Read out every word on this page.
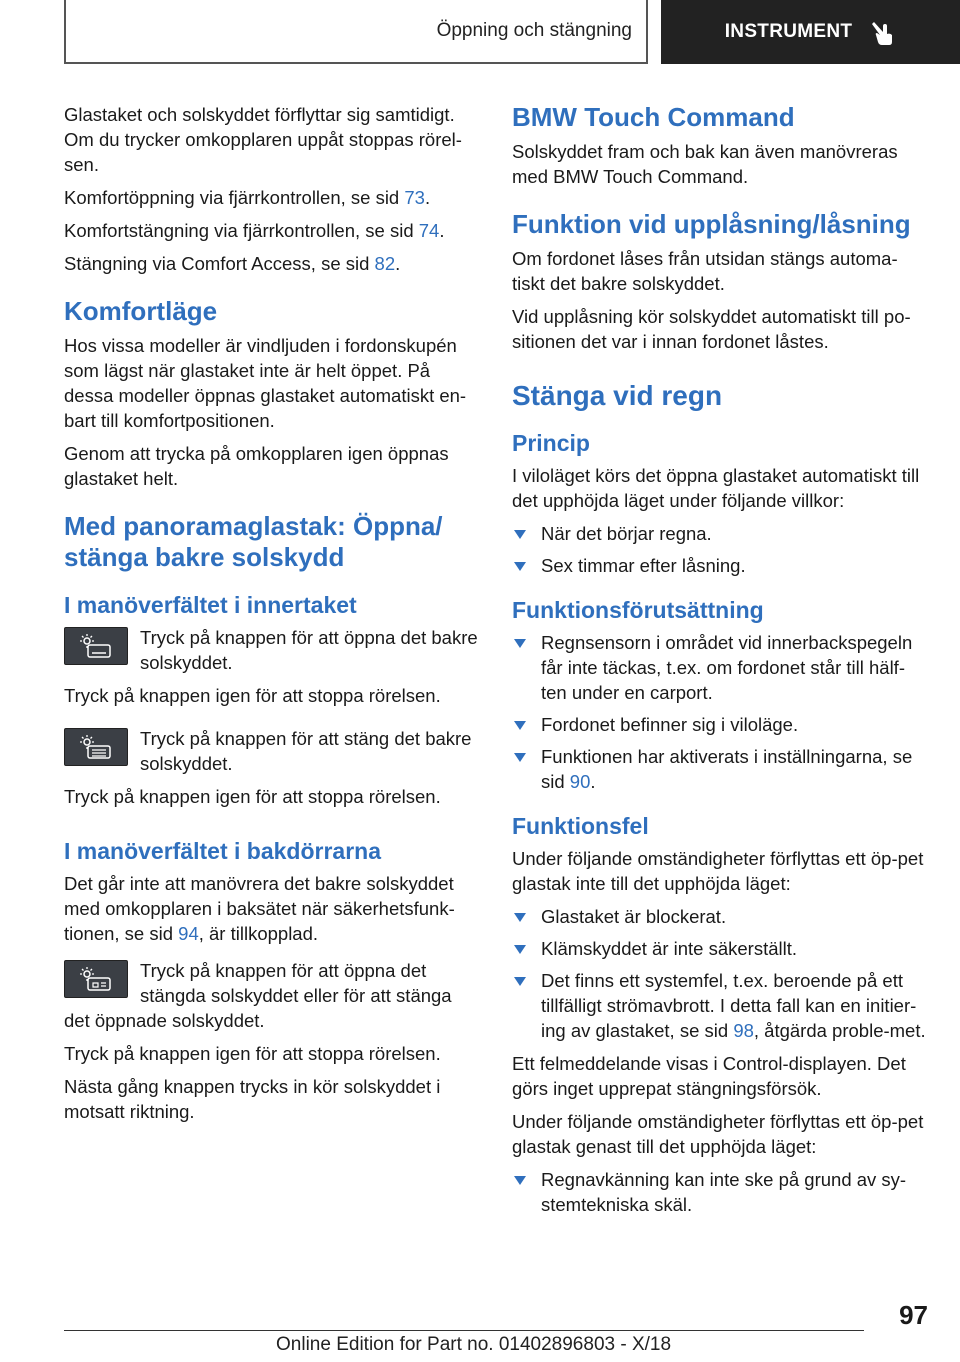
Öppning och stängning	INSTRUMENT

Glastaket och solskyddet förflyttar sig samtidigt. Om du trycker omkopplaren uppåt stoppas rörel-sen.

Komfortöppning via fjärrkontrollen, se sid 73.

Komfortstängning via fjärrkontrollen, se sid 74.

Stängning via Comfort Access, se sid 82.

Komfortläge

Hos vissa modeller är vindljuden i fordonskupén som lägst när glastaket inte är helt öppet. På dessa modeller öppnas glastaket automatiskt en-bart till komfortpositionen.

Genom att trycka på omkopplaren igen öppnas glastaket helt.

Med panoramaglastak: Öppna/ stänga bakre solskydd
I manöverfältet i innertaket

Tryck på knappen för att öppna det bakre solskyddet.

Tryck på knappen igen för att stoppa rörelsen.

Tryck på knappen för att stäng det bakre solskyddet.

Tryck på knappen igen för att stoppa rörelsen.

I manöverfältet i bakdörrarna

Det går inte att manövrera det bakre solskyddet med omkopplaren i baksätet när säkerhetsfunk-tionen, se sid 94, är tillkopplad.

Tryck på knappen för att öppna det stängda solskyddet eller för att stänga det öppnade solskyddet.

Tryck på knappen igen för att stoppa rörelsen.

Nästa gång knappen trycks in kör solskyddet i motsatt riktning.

BMW Touch Command

Solskyddet fram och bak kan även manövreras med BMW Touch Command.

Funktion vid upplåsning/låsning

Om fordonet låses från utsidan stängs automa-tiskt det bakre solskyddet.

Vid upplåsning kör solskyddet automatiskt till po-sitionen det var i innan fordonet låstes.

Stänga vid regn
Princip

I viloläget körs det öppna glastaket automatiskt till det upphöjda läget under följande villkor:

När det börjar regna.
Sex timmar efter låsning.
Funktionsförutsättning
Regnsensorn i området vid innerbackspegeln får inte täckas, t.ex. om fordonet står till hälf-ten under en carport.
Fordonet befinner sig i viloläge.
Funktionen har aktiverats i inställningarna, se sid 90.
Funktionsfel

Under följande omständigheter förflyttas ett öp-pet glastak inte till det upphöjda läget:

Glastaket är blockerat.
Klämskyddet är inte säkerställt.
Det finns ett systemfel, t.ex. beroende på ett tillfälligt strömavbrott. I detta fall kan en initier-ing av glastaket, se sid 98, åtgärda proble-met.

Ett felmeddelande visas i Control-displayen. Det görs inget upprepat stängningsförsök.

Under följande omständigheter förflyttas ett öp-pet glastak genast till det upphöjda läget:

Regnavkänning kan inte ske på grund av sy-stemtekniska skäl.
97
Online Edition for Part no. 01402896803 - X/18
